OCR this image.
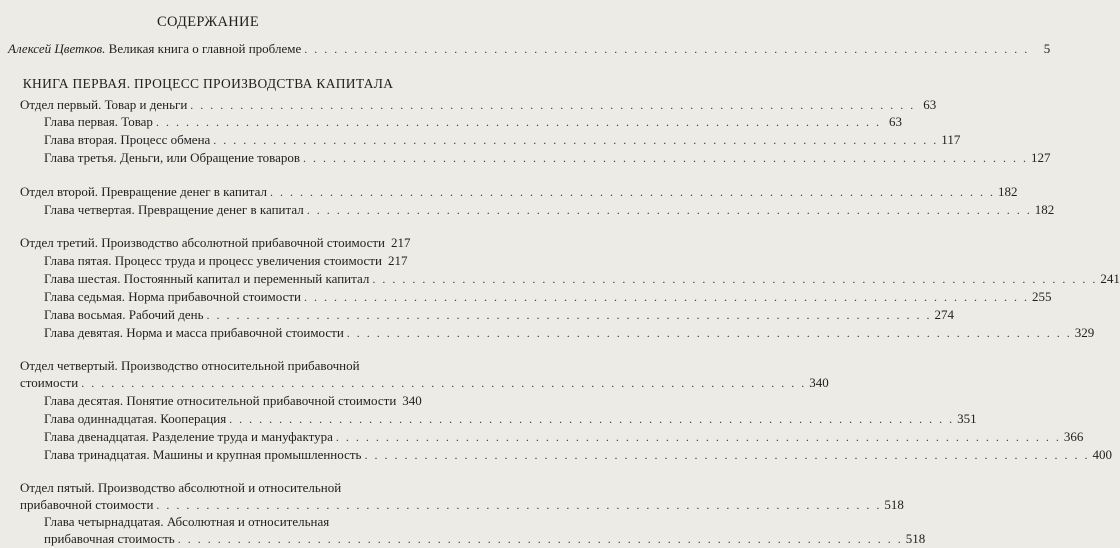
СОДЕРЖАНИЕ
Алексей Цветков. Великая книга о главной проблеме . . .	5
КНИГА ПЕРВАЯ. ПРОЦЕСС ПРОИЗВОДСТВА КАПИТАЛА
Отдел первый. Товар и деньги . . .	63
Глава первая. Товар . . .	63
Глава вторая. Процесс обмена . . .	117
Глава третья. Деньги, или Обращение товаров . . .	127
Отдел второй. Превращение денег в капитал . . .	182
Глава четвертая. Превращение денег в капитал . . .	182
Отдел третий. Производство абсолютной прибавочной стоимости 217
Глава пятая. Процесс труда и процесс увеличения стоимости 217
Глава шестая. Постоянный капитал и переменный капитал . . .	241
Глава седьмая. Норма прибавочной стоимости . . .	255
Глава восьмая. Рабочий день . . .	274
Глава девятая. Норма и масса прибавочной стоимости . . .	329
Отдел четвертый. Производство относительной прибавочной
стоимости . . .	340
Глава десятая. Понятие относительной прибавочной стоимости 340
Глава одиннадцатая. Кооперация . . .	351
Глава двенадцатая. Разделение труда и мануфактура . . .	366
Глава тринадцатая. Машины и крупная промышленность . . .	400
Отдел пятый. Производство абсолютной и относительной
прибавочной стоимости . . .	518
Глава четырнадцатая. Абсолютная и относительная
прибавочная стоимость . . .	518
